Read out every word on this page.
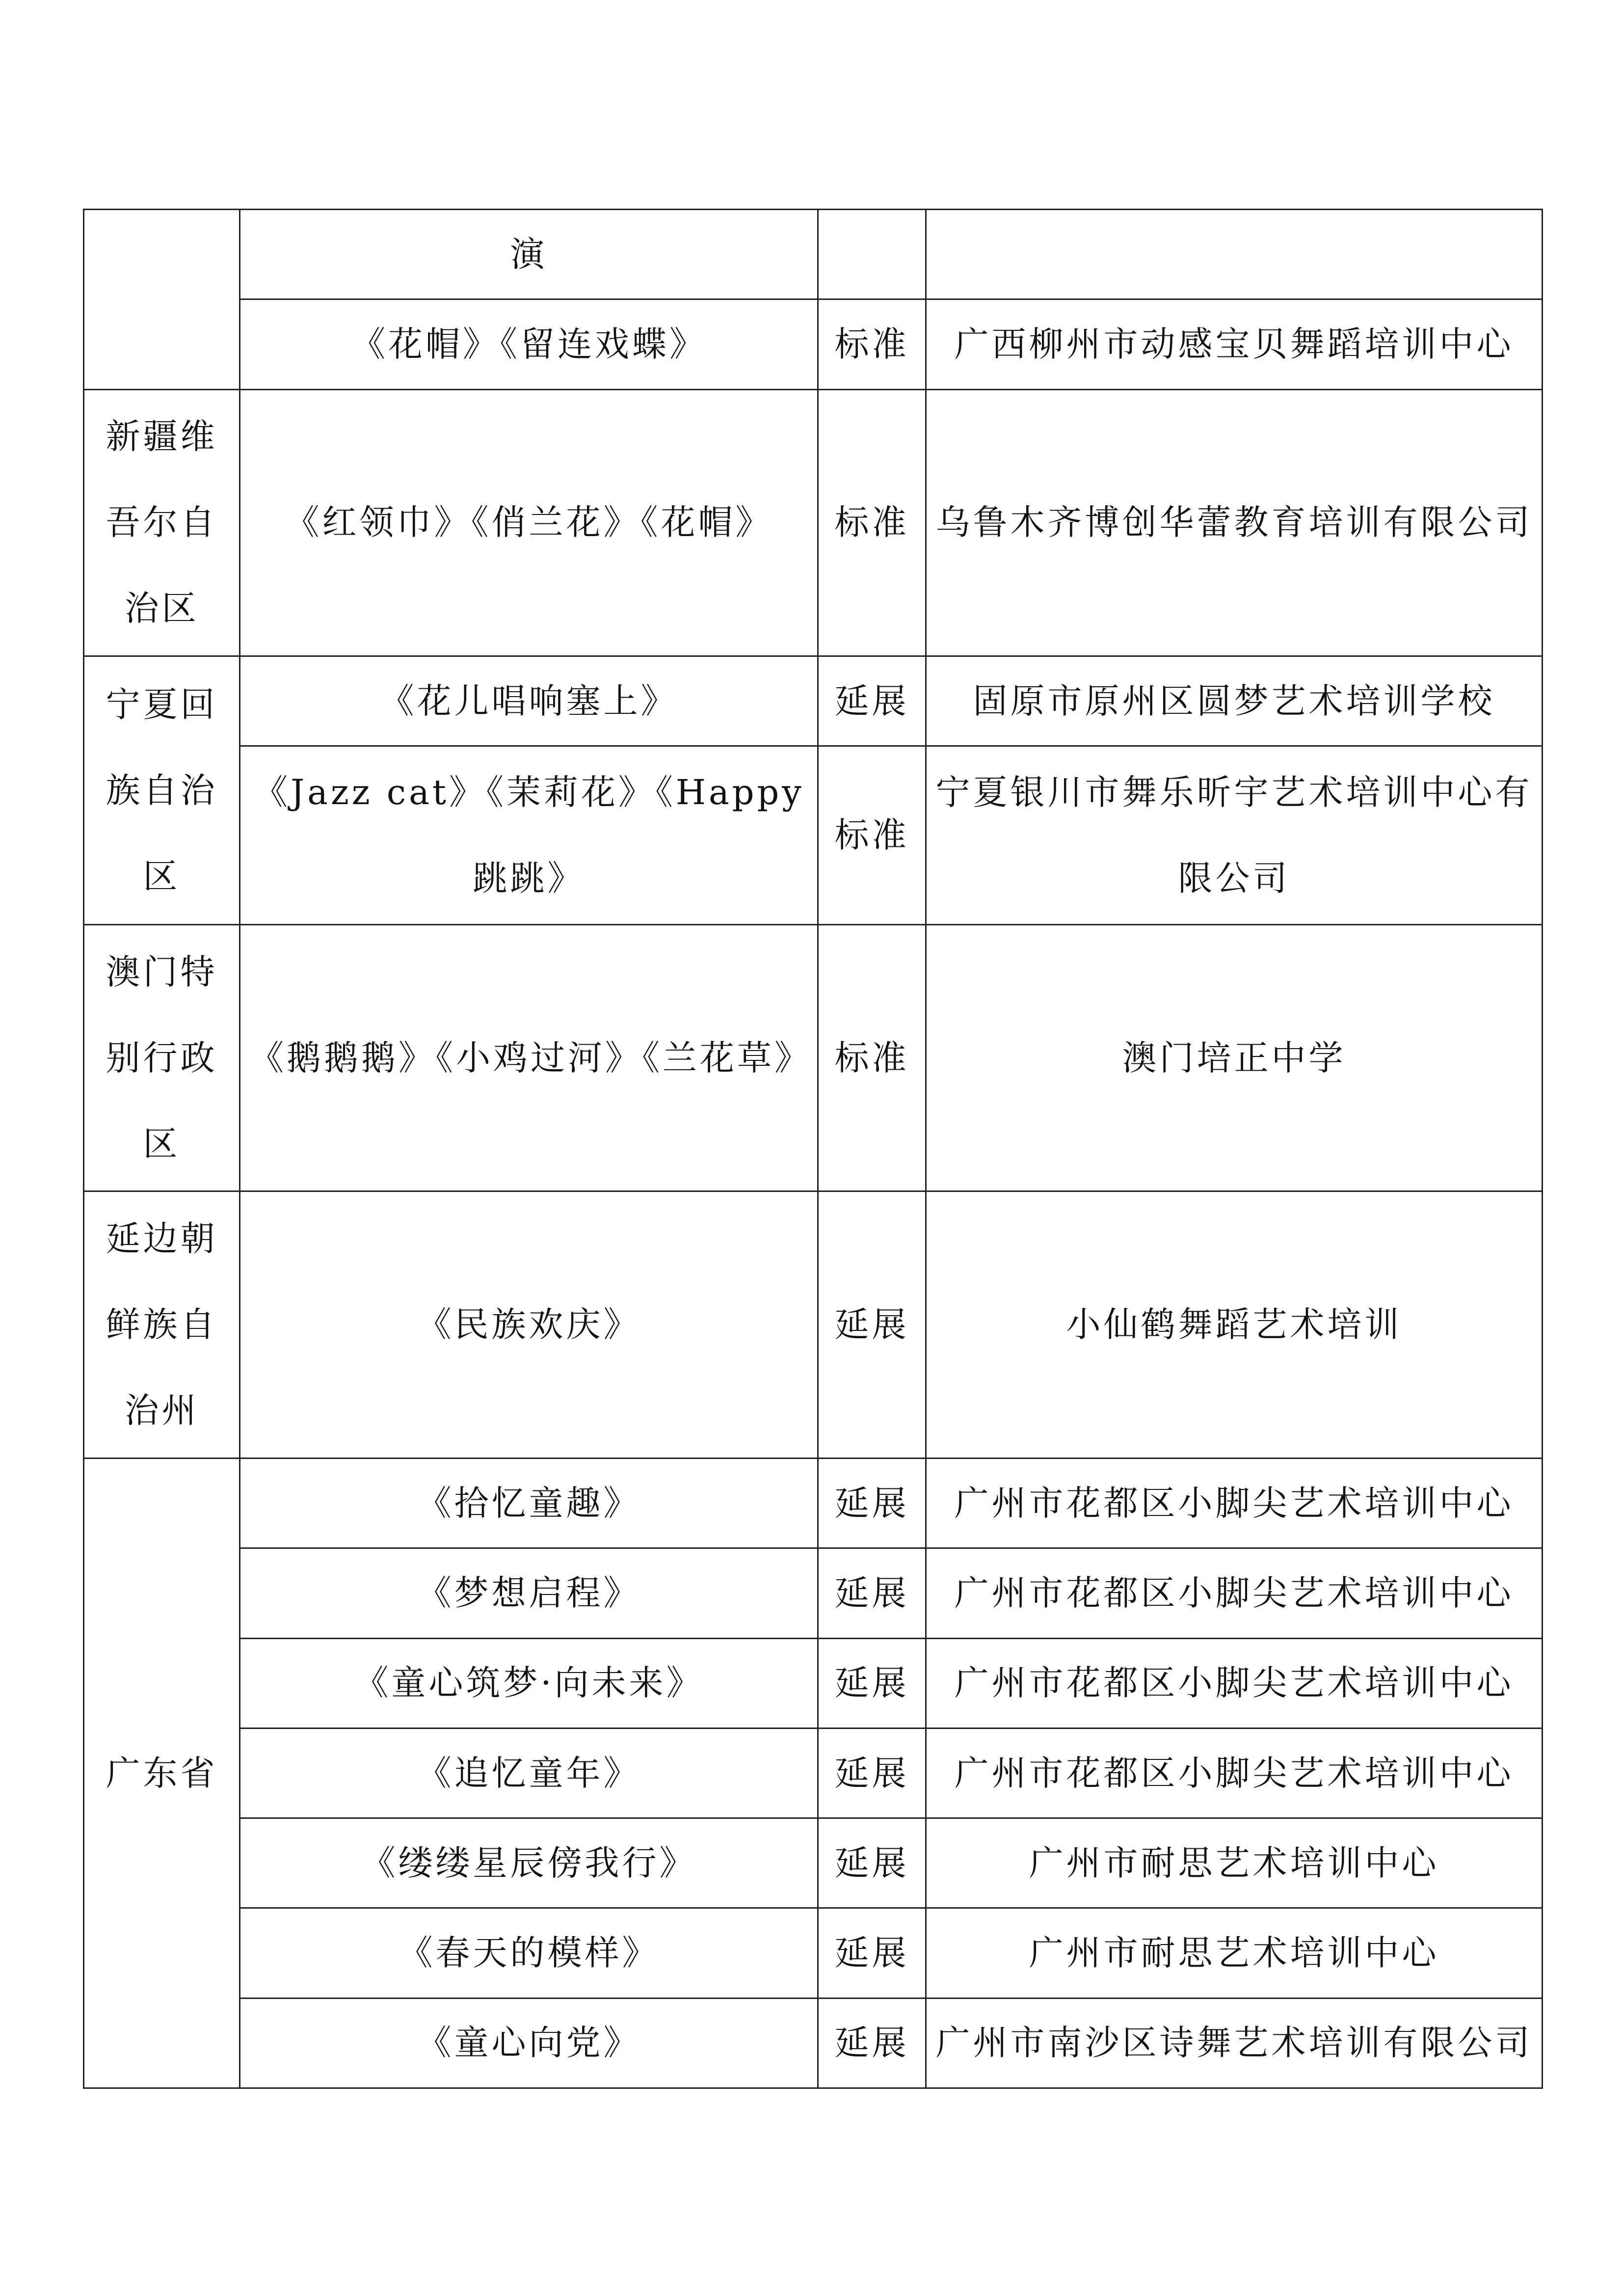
	演		
	《花帽》《留连戏蝶》	标准	广西柳州市动感宝贝舞蹈培训中心
新疆维吾尔自治区	《红领巾》《俏兰花》《花帽》	标准	乌鲁木齐博创华蕾教育培训有限公司
宁夏回族自治区	《花儿唱响塞上》	延展	固原市原州区圆梦艺术培训学校
	《Jazz cat》《茉莉花》《Happy 跳跳》	标准	宁夏银川市舞乐昕宇艺术培训中心有限公司
澳门特别行政区	《鹅鹅鹅》《小鸡过河》《兰花草》	标准	澳门培正中学
延边朝鲜族自治州	《民族欢庆》	延展	小仙鹤舞蹈艺术培训
广东省	《拾忆童趣》	延展	广州市花都区小脚尖艺术培训中心
	《梦想启程》	延展	广州市花都区小脚尖艺术培训中心
	《童心筑梦·向未来》	延展	广州市花都区小脚尖艺术培训中心
	《追忆童年》	延展	广州市花都区小脚尖艺术培训中心
	《缕缕星辰傍我行》	延展	广州市耐思艺术培训中心
	《春天的模样》	延展	广州市耐思艺术培训中心
	《童心向党》	延展	广州市南沙区诗舞艺术培训有限公司
